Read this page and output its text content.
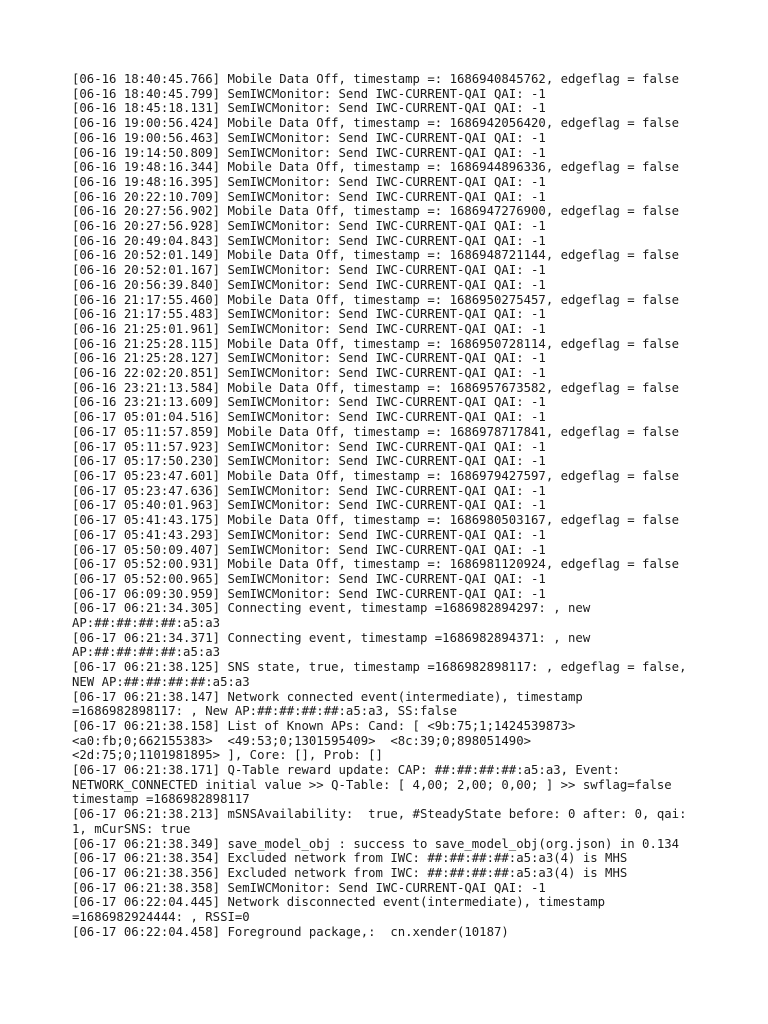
[06-16 18:40:45.766] Mobile Data Off, timestamp =: 1686940845762, edgeflag = false
[06-16 18:40:45.799] SemIWCMonitor: Send IWC-CURRENT-QAI QAI: -1
[06-16 18:45:18.131] SemIWCMonitor: Send IWC-CURRENT-QAI QAI: -1
[06-16 19:00:56.424] Mobile Data Off, timestamp =: 1686942056420, edgeflag = false
[06-16 19:00:56.463] SemIWCMonitor: Send IWC-CURRENT-QAI QAI: -1
[06-16 19:14:50.809] SemIWCMonitor: Send IWC-CURRENT-QAI QAI: -1
[06-16 19:48:16.344] Mobile Data Off, timestamp =: 1686944896336, edgeflag = false
[06-16 19:48:16.395] SemIWCMonitor: Send IWC-CURRENT-QAI QAI: -1
[06-16 20:22:10.709] SemIWCMonitor: Send IWC-CURRENT-QAI QAI: -1
[06-16 20:27:56.902] Mobile Data Off, timestamp =: 1686947276900, edgeflag = false
[06-16 20:27:56.928] SemIWCMonitor: Send IWC-CURRENT-QAI QAI: -1
[06-16 20:49:04.843] SemIWCMonitor: Send IWC-CURRENT-QAI QAI: -1
[06-16 20:52:01.149] Mobile Data Off, timestamp =: 1686948721144, edgeflag = false
[06-16 20:52:01.167] SemIWCMonitor: Send IWC-CURRENT-QAI QAI: -1
[06-16 20:56:39.840] SemIWCMonitor: Send IWC-CURRENT-QAI QAI: -1
[06-16 21:17:55.460] Mobile Data Off, timestamp =: 1686950275457, edgeflag = false
[06-16 21:17:55.483] SemIWCMonitor: Send IWC-CURRENT-QAI QAI: -1
[06-16 21:25:01.961] SemIWCMonitor: Send IWC-CURRENT-QAI QAI: -1
[06-16 21:25:28.115] Mobile Data Off, timestamp =: 1686950728114, edgeflag = false
[06-16 21:25:28.127] SemIWCMonitor: Send IWC-CURRENT-QAI QAI: -1
[06-16 22:02:20.851] SemIWCMonitor: Send IWC-CURRENT-QAI QAI: -1
[06-16 23:21:13.584] Mobile Data Off, timestamp =: 1686957673582, edgeflag = false
[06-16 23:21:13.609] SemIWCMonitor: Send IWC-CURRENT-QAI QAI: -1
[06-17 05:01:04.516] SemIWCMonitor: Send IWC-CURRENT-QAI QAI: -1
[06-17 05:11:57.859] Mobile Data Off, timestamp =: 1686978717841, edgeflag = false
[06-17 05:11:57.923] SemIWCMonitor: Send IWC-CURRENT-QAI QAI: -1
[06-17 05:17:50.230] SemIWCMonitor: Send IWC-CURRENT-QAI QAI: -1
[06-17 05:23:47.601] Mobile Data Off, timestamp =: 1686979427597, edgeflag = false
[06-17 05:23:47.636] SemIWCMonitor: Send IWC-CURRENT-QAI QAI: -1
[06-17 05:40:01.963] SemIWCMonitor: Send IWC-CURRENT-QAI QAI: -1
[06-17 05:41:43.175] Mobile Data Off, timestamp =: 1686980503167, edgeflag = false
[06-17 05:41:43.293] SemIWCMonitor: Send IWC-CURRENT-QAI QAI: -1
[06-17 05:50:09.407] SemIWCMonitor: Send IWC-CURRENT-QAI QAI: -1
[06-17 05:52:00.931] Mobile Data Off, timestamp =: 1686981120924, edgeflag = false
[06-17 05:52:00.965] SemIWCMonitor: Send IWC-CURRENT-QAI QAI: -1
[06-17 06:09:30.959] SemIWCMonitor: Send IWC-CURRENT-QAI QAI: -1
[06-17 06:21:34.305] Connecting event, timestamp =1686982894297: , new
AP:##:##:##:##:a5:a3
[06-17 06:21:34.371] Connecting event, timestamp =1686982894371: , new
AP:##:##:##:##:a5:a3
[06-17 06:21:38.125] SNS state, true, timestamp =1686982898117: , edgeflag = false,
NEW AP:##:##:##:##:a5:a3
[06-17 06:21:38.147] Network connected event(intermediate), timestamp
=1686982898117: , New AP:##:##:##:##:a5:a3, SS:false
[06-17 06:21:38.158] List of Known APs: Cand: [ <9b:75;1;1424539873>
<a0:fb;0;662155383>  <49:53;0;1301595409>  <8c:39;0;898051490>
<2d:75;0;1101981895> ], Core: [], Prob: []
[06-17 06:21:38.171] Q-Table reward update: CAP: ##:##:##:##:a5:a3, Event:
NETWORK_CONNECTED initial value >> Q-Table: [ 4,00; 2,00; 0,00; ] >> swflag=false
timestamp =1686982898117
[06-17 06:21:38.213] mSNSAvailability:  true, #SteadyState before: 0 after: 0, qai:
1, mCurSNS: true
[06-17 06:21:38.349] save_model_obj : success to save_model_obj(org.json) in 0.134
[06-17 06:21:38.354] Excluded network from IWC: ##:##:##:##:a5:a3(4) is MHS
[06-17 06:21:38.356] Excluded network from IWC: ##:##:##:##:a5:a3(4) is MHS
[06-17 06:21:38.358] SemIWCMonitor: Send IWC-CURRENT-QAI QAI: -1
[06-17 06:22:04.445] Network disconnected event(intermediate), timestamp
=1686982924444: , RSSI=0
[06-17 06:22:04.458] Foreground package,:  cn.xender(10187)
